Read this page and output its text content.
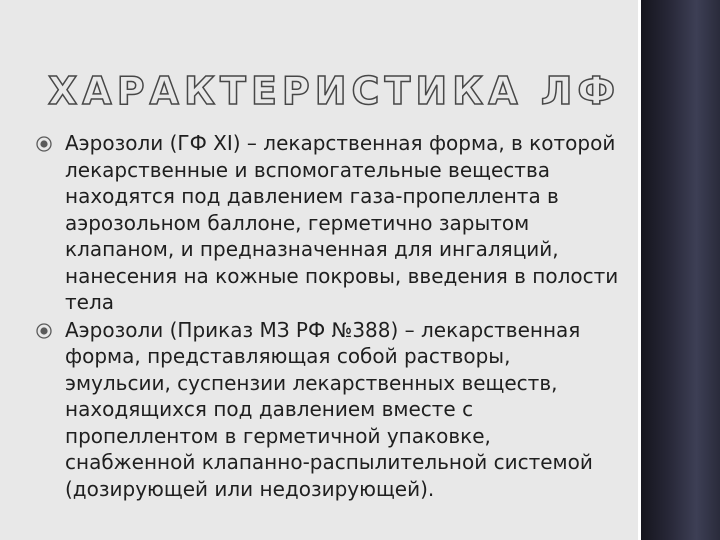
ХАРАКТЕРИСТИКА ЛФ
Аэрозоли (ГФ XI) – лекарственная форма, в которой лекарственные и вспомогательные вещества находятся под давлением газа-пропеллента в аэрозольном баллоне, герметично зарытом клапаном, и предназначенная для ингаляций, нанесения на кожные покровы, введения в полости тела
Аэрозоли (Приказ МЗ РФ №388) – лекарственная форма, представляющая собой растворы, эмульсии, суспензии лекарственных веществ, находящихся под давлением вместе с пропеллентом в герметичной упаковке, снабженной клапанно-распылительной системой (дозирующей или недозирующей).
